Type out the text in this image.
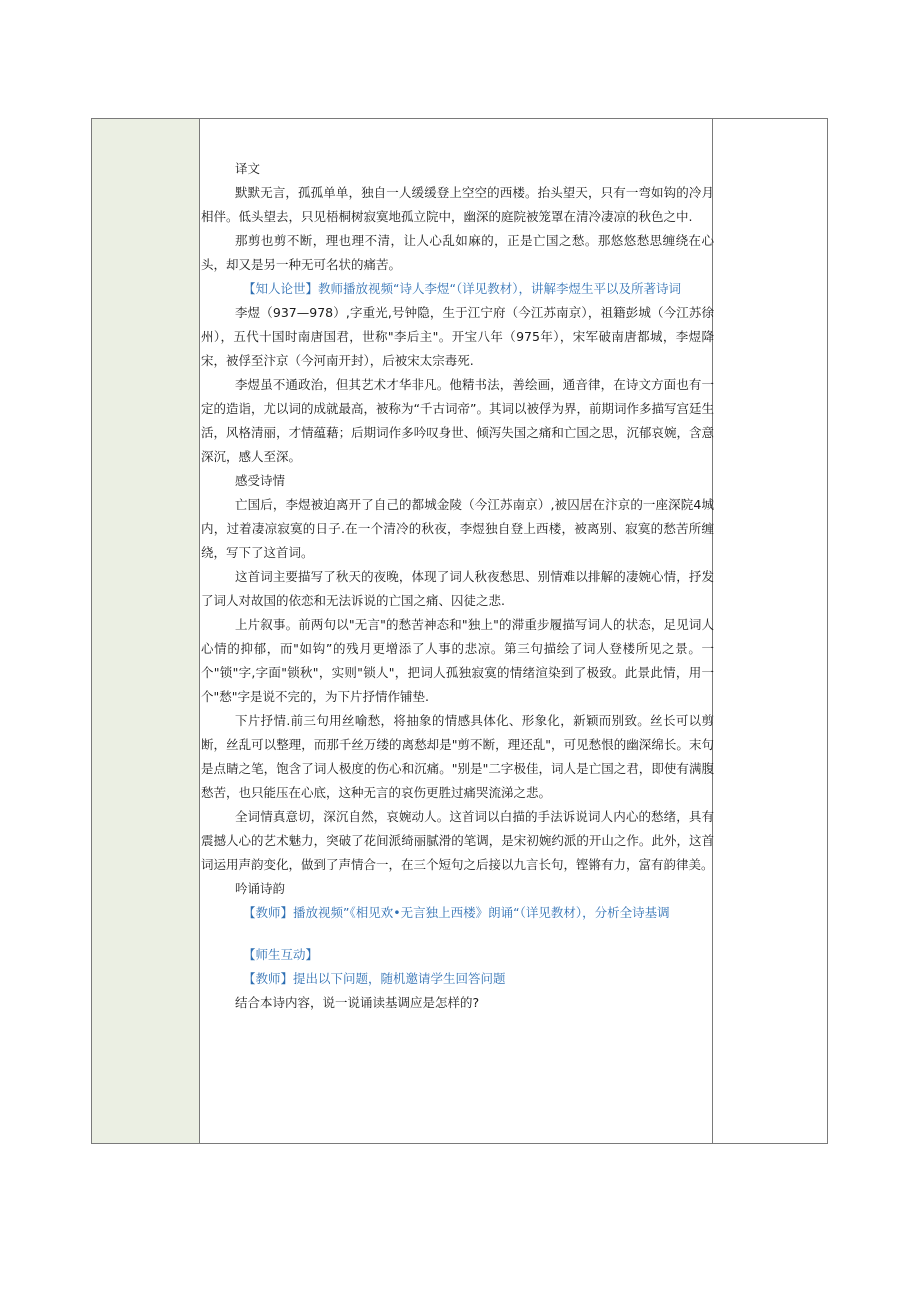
译文

默默无言，孤孤单单，独自一人缓缓登上空空的西楼。抬头望天，只有一弯如钩的冷月相伴。低头望去，只见梧桐树寂寞地孤立院中，幽深的庭院被笼罩在清冷凄凉的秋色之中.

那剪也剪不断，理也理不清，让人心乱如麻的，正是亡国之愁。那悠悠愁思缠绕在心头，却又是另一种无可名状的痛苦。

【知人论世】教师播放视频“诗人李煜“（详见教材），讲解李煜生平以及所著诗词

李煜（937—978）,字重光,号钟隐，生于江宁府（今江苏南京），祖籍彭城（今江苏徐州），五代十国时南唐国君，世称"李后主"。开宝八年（975年），宋军破南唐都城，李煜降宋，被俘至汴京（今河南开封），后被宋太宗毒死.

李煜虽不通政治，但其艺术才华非凡。他精书法，善绘画，通音律，在诗文方面也有一定的造诣，尤以词的成就最高，被称为“千古词帝”。其词以被俘为界，前期词作多描写宫廷生活，风格清丽，才情蕴藉；后期词作多吟叹身世、倾泻失国之痛和亡国之思，沉郁哀婉，含意深沉，感人至深。

感受诗情

亡国后，李煜被迫离开了自己的都城金陵（今江苏南京）,被囚居在汴京的一座深院4城内，过着凄凉寂寞的日子.在一个清冷的秋夜，李煜独自登上西楼，被离别、寂寞的愁苦所缠绕，写下了这首词。

这首词主要描写了秋天的夜晚，体现了词人秋夜愁思、别情难以排解的凄婉心情，抒发了词人对故国的依恋和无法诉说的亡国之痛、囚徒之悲.

上片叙事。前两句以"无言"的愁苦神态和"独上"的滞重步履描写词人的状态，足见词人心情的抑郁，而"如钩”的残月更增添了人事的悲凉。第三句描绘了词人登楼所见之景。一个"锁"字,字面"锁秋"，实则"锁人"，把词人孤独寂寞的情绪渲染到了极致。此景此情，用一个"愁"字是说不完的，为下片抒情作铺垫.

下片抒情.前三句用丝喻愁，将抽象的情感具体化、形象化，新颖而别致。丝长可以剪断，丝乱可以整理，而那千丝万缕的离愁却是"剪不断，理还乱"，可见愁恨的幽深绵长。末句是点睛之笔，饱含了词人极度的伤心和沉痛。"别是"二字极佳，词人是亡国之君，即使有满腹愁苦，也只能压在心底，这种无言的哀伤更胜过痛哭流涕之悲。

全词情真意切，深沉自然，哀婉动人。这首词以白描的手法诉说词人内心的愁绪，具有震撼人心的艺术魅力，突破了花间派绮丽腻滑的笔调，是宋初婉约派的开山之作。此外，这首词运用声韵变化，做到了声情合一，在三个短句之后接以九言长句，铿锵有力，富有韵律美。

吟诵诗韵

【教师】播放视频”《相见欢•无言独上西楼》朗诵“（详见教材），分析全诗基调

【师生互动】

【教师】提出以下问题，随机邀请学生回答问题

结合本诗内容，说一说诵读基调应是怎样的?
